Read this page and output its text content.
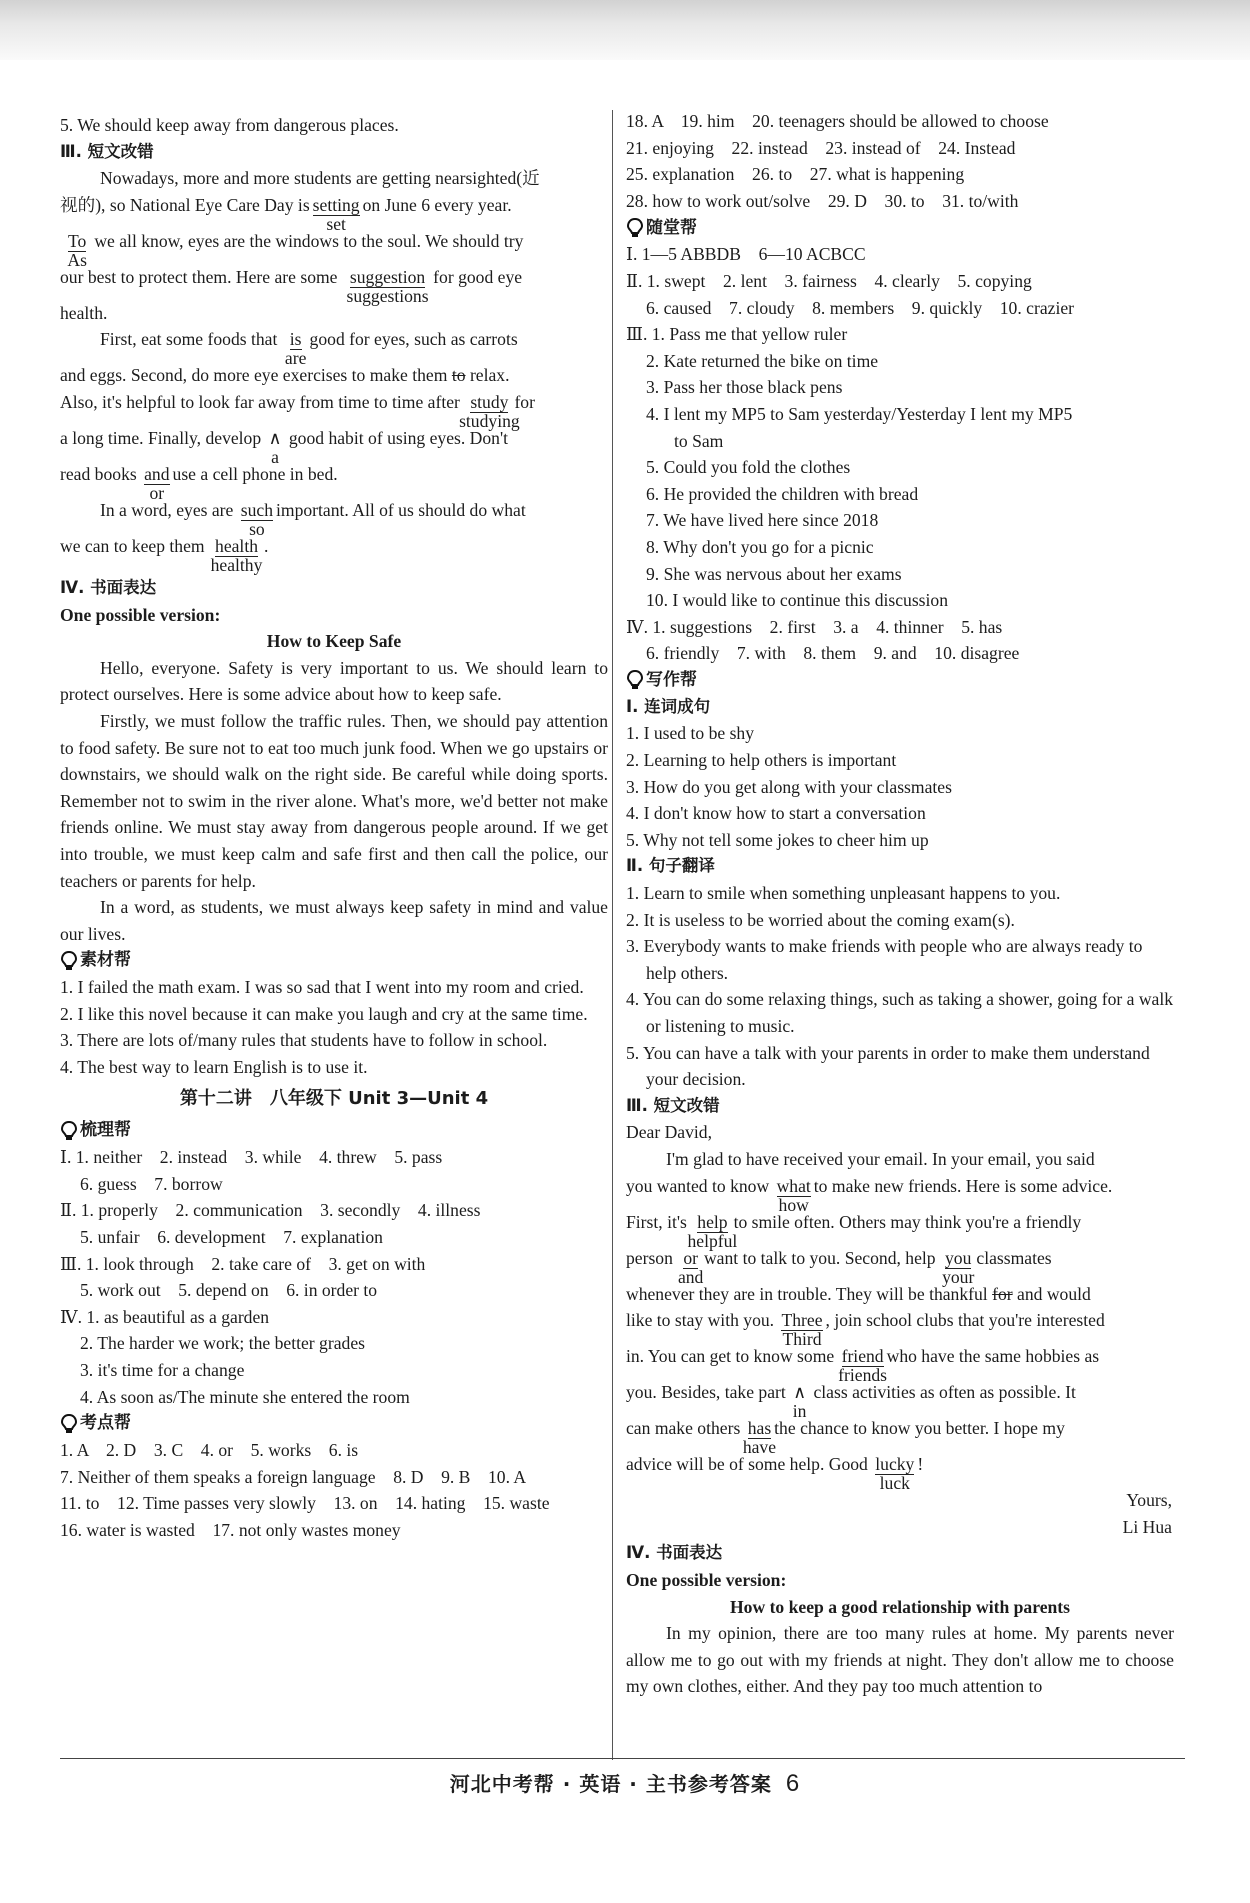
5. We should keep away from dangerous places.
Ⅲ. 短文改错
Nowadays, more and more students are getting nearsighted(近
视的), so National Eye Care Day is setting
set
on June 6 every year.
To
As
we all know, eyes are the windows to the soul. We should try
our best to protect them. Here are some suggestion
suggestions
for good eye
health.
First, eat some foods that is
are
good for eyes, such as carrots
and eggs. Second, do more eye exercises to make them to relax.
Also, it's helpful to look far away from time to time after study
studying
for
a long time. Finally, develop ∧
a
good habit of using eyes. Don't
read books and
or
use a cell phone in bed.
In a word, eyes are such
so
important. All of us should do what
we can to keep them health
healthy
.
Ⅳ. 书面表达
One possible version:
How to Keep Safe
Hello, everyone. Safety is very important to us. We should learn to protect ourselves. Here is some advice about how to keep safe.
Firstly, we must follow the traffic rules. Then, we should pay attention to food safety. Be sure not to eat too much junk food. When we go upstairs or downstairs, we should walk on the right side. Be careful while doing sports. Remember not to swim in the river alone. What's more, we'd better not make friends online. We must stay away from dangerous people around. If we get into trouble, we must keep calm and safe first and then call the police, our teachers or parents for help.
In a word, as students, we must always keep safety in mind and value our lives.
素材帮
1. I failed the math exam. I was so sad that I went into my room and cried.
2. I like this novel because it can make you laugh and cry at the same time.
3. There are lots of/many rules that students have to follow in school.
4. The best way to learn English is to use it.
第十二讲　八年级下 Unit 3—Unit 4
梳理帮
Ⅰ. 1. neither　2. instead　3. while　4. threw　5. pass
6. guess　7. borrow
Ⅱ. 1. properly　2. communication　3. secondly　4. illness
5. unfair　6. development　7. explanation
Ⅲ. 1. look through　2. take care of　3. get on with
5. work out　5. depend on　6. in order to
Ⅳ. 1. as beautiful as a garden
2. The harder we work; the better grades
3. it's time for a change
4. As soon as/The minute she entered the room
考点帮
1. A　2. D　3. C　4. or　5. works　6. is
7. Neither of them speaks a foreign language　8. D　9. B　10. A
11. to　12. Time passes very slowly　13. on　14. hating　15. waste
16. water is wasted　17. not only wastes money
18. A　19. him　20. teenagers should be allowed to choose
21. enjoying　22. instead　23. instead of　24. Instead
25. explanation　26. to　27. what is happening
28. how to work out/solve　29. D　30. to　31. to/with
随堂帮
Ⅰ. 1—5 ABBDB　6—10 ACBCC
Ⅱ. 1. swept　2. lent　3. fairness　4. clearly　5. copying
6. caused　7. cloudy　8. members　9. quickly　10. crazier
Ⅲ. 1. Pass me that yellow ruler
2. Kate returned the bike on time
3. Pass her those black pens
4. I lent my MP5 to Sam yesterday/Yesterday I lent my MP5
to Sam
5. Could you fold the clothes
6. He provided the children with bread
7. We have lived here since 2018
8. Why don't you go for a picnic
9. She was nervous about her exams
10. I would like to continue this discussion
Ⅳ. 1. suggestions　2. first　3. a　4. thinner　5. has
6. friendly　7. with　8. them　9. and　10. disagree
写作帮
Ⅰ. 连词成句
1. I used to be shy
2. Learning to help others is important
3. How do you get along with your classmates
4. I don't know how to start a conversation
5. Why not tell some jokes to cheer him up
Ⅱ. 句子翻译
1. Learn to smile when something unpleasant happens to you.
2. It is useless to be worried about the coming exam(s).
3. Everybody wants to make friends with people who are always ready to help others.
4. You can do some relaxing things, such as taking a shower, going for a walk or listening to music.
5. You can have a talk with your parents in order to make them understand your decision.
Ⅲ. 短文改错
Dear David,
I'm glad to have received your email. In your email, you said
you wanted to know what
how
to make new friends. Here is some advice.
First, it's help
helpful
to smile often. Others may think you're a friendly
person or
and
want to talk to you. Second, help you
your
classmates
whenever they are in trouble. They will be thankful for and would
like to stay with you. Three
Third
, join school clubs that you're interested
in. You can get to know some friend
friends
who have the same hobbies as
you. Besides, take part ∧
in
class activities as often as possible. It
can make others has
have
the chance to know you better. I hope my
advice will be of some help. Good lucky
luck
!
Yours,
Li Hua
Ⅳ. 书面表达
One possible version:
How to keep a good relationship with parents
In my opinion, there are too many rules at home. My parents never allow me to go out with my friends at night. They don't allow me to choose my own clothes, either. And they pay too much attention to
河北中考帮 · 英语 · 主书参考答案 6
